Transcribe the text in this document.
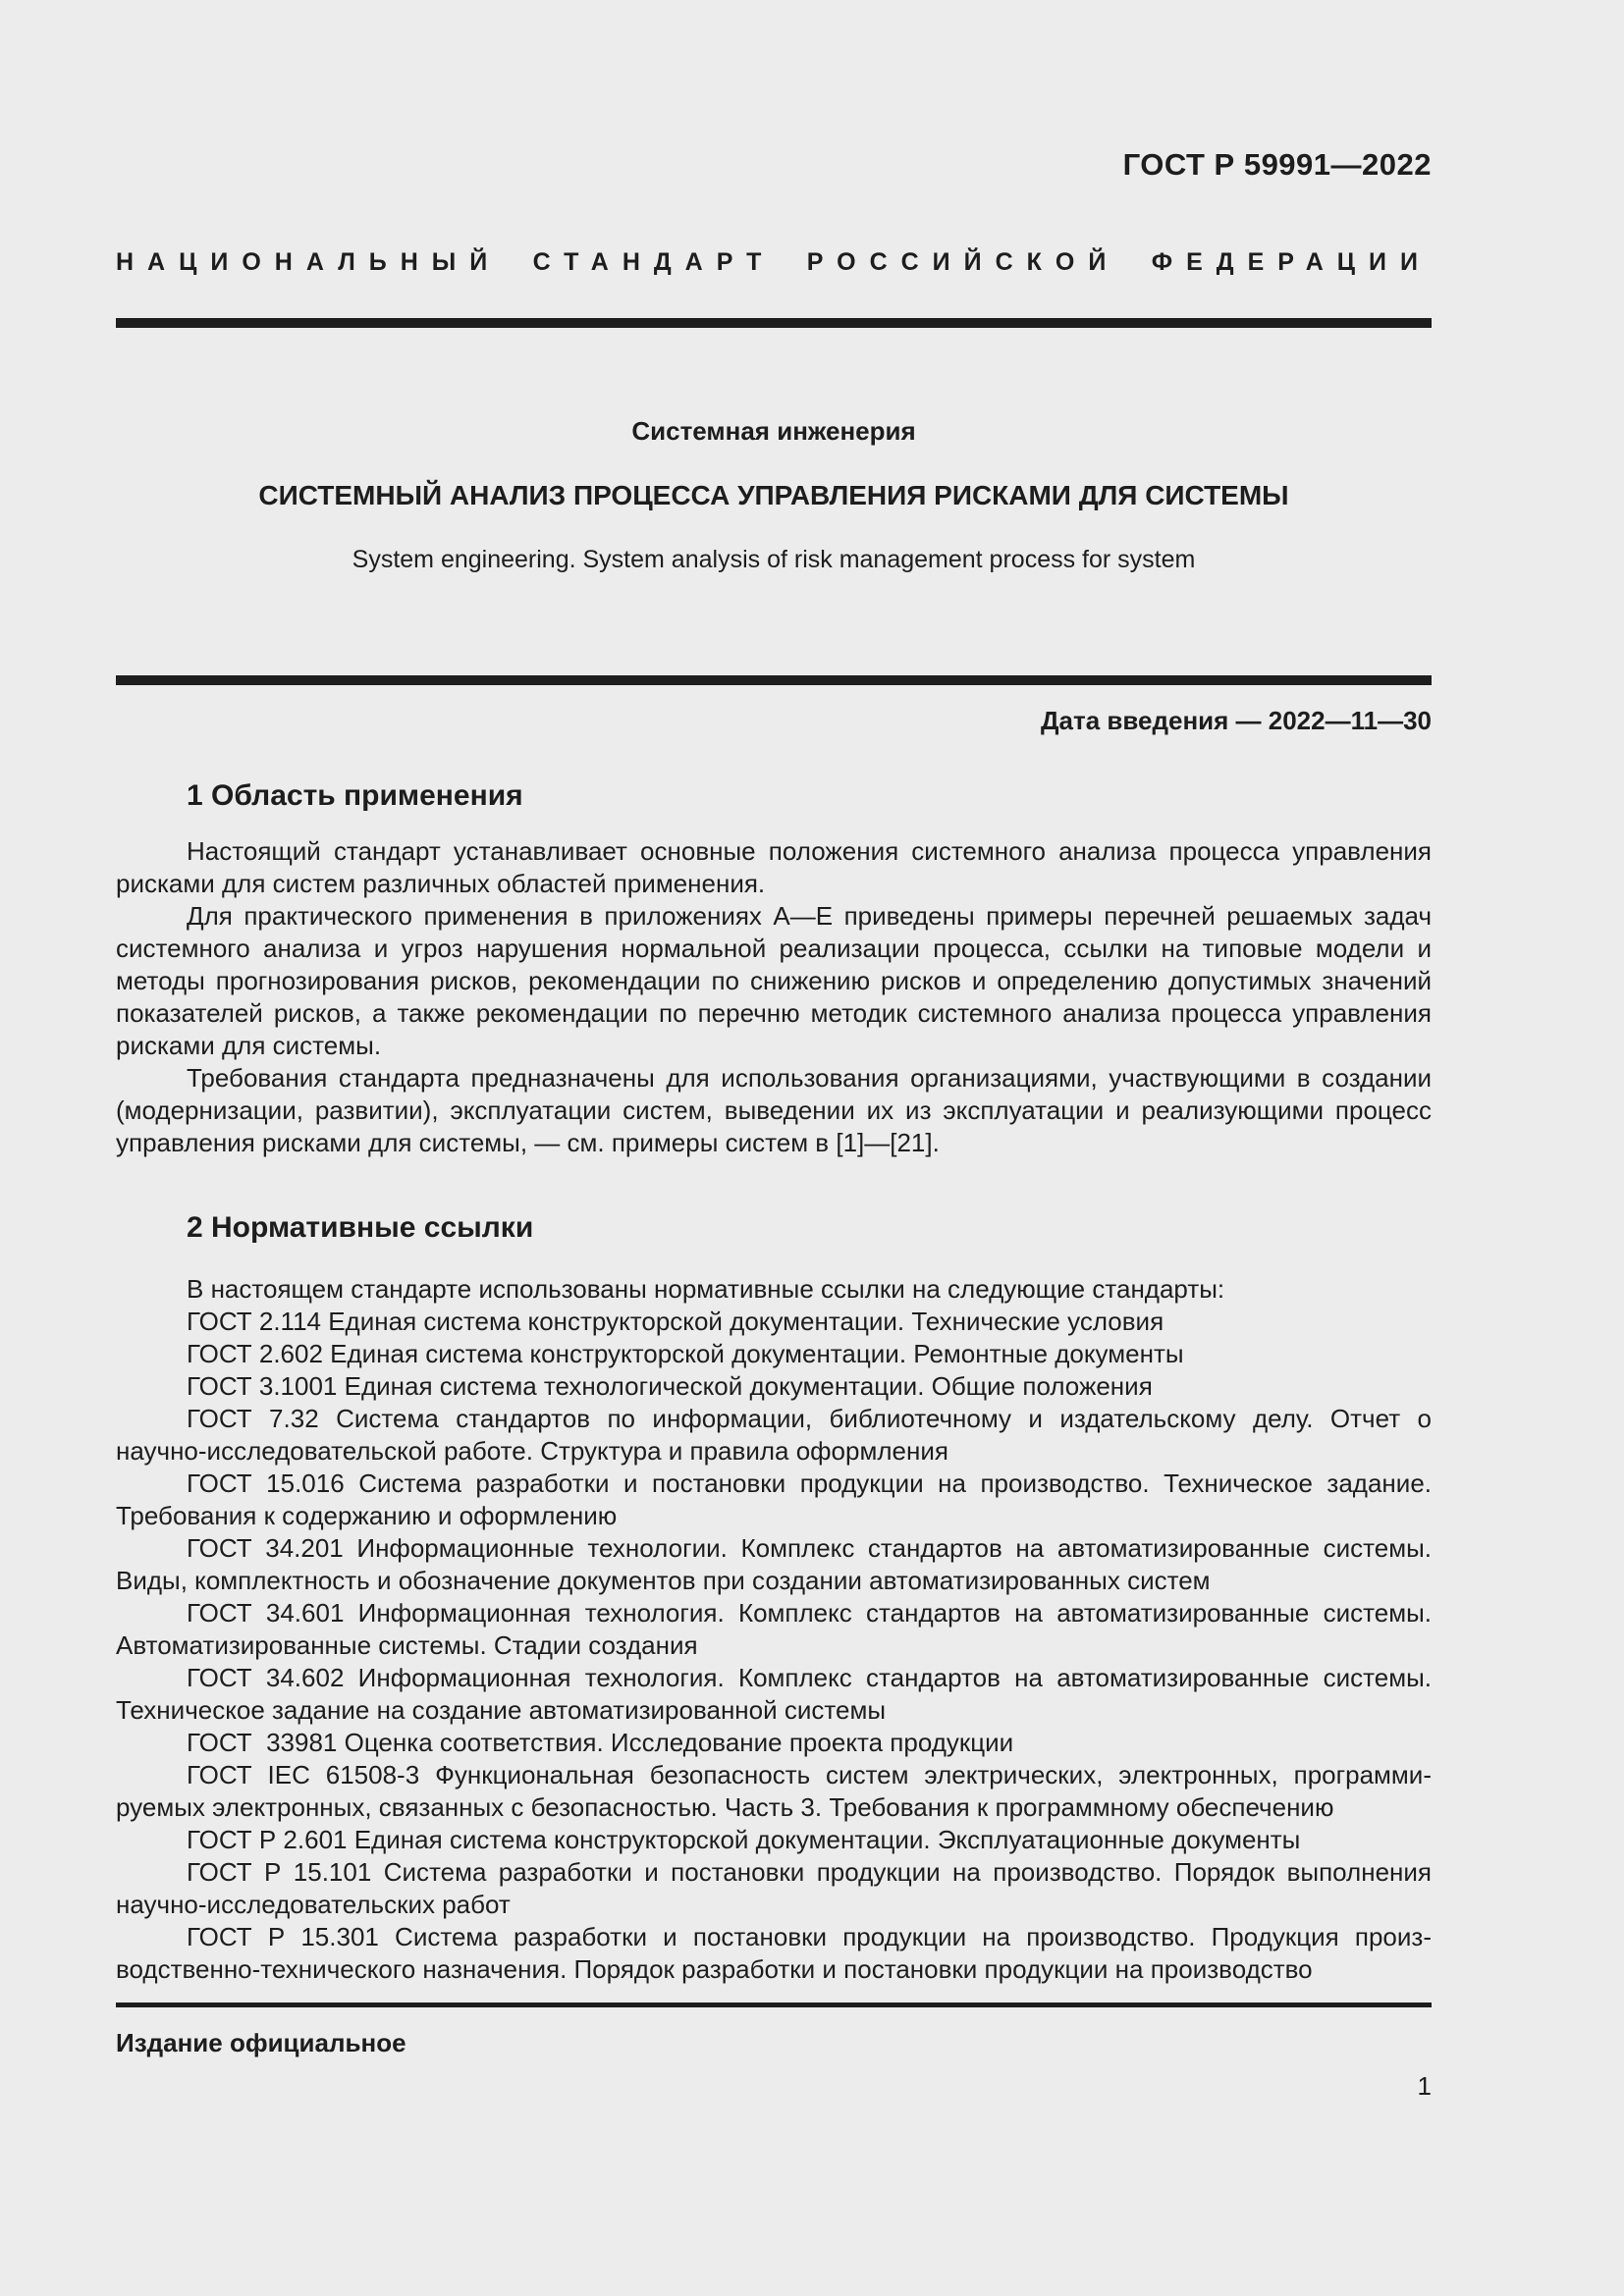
ГОСТ Р 59991—2022
НАЦИОНАЛЬНЫЙ СТАНДАРТ РОССИЙСКОЙ ФЕДЕРАЦИИ
Системная инженерия
СИСТЕМНЫЙ АНАЛИЗ ПРОЦЕССА УПРАВЛЕНИЯ РИСКАМИ ДЛЯ СИСТЕМЫ
System engineering. System analysis of risk management process for system
Дата введения — 2022—11—30
1 Область применения

Настоящий стандарт устанавливает основные положения системного анализа процесса управления рисками для систем различных областей применения.

Для практического применения в приложениях А—Е приведены примеры перечней решаемых задач системного анализа и угроз нарушения нормальной реализации процесса, ссылки на типовые модели и методы прогнозирования рисков, рекомендации по снижению рисков и определению допустимых значений показателей рисков, а также рекомендации по перечню методик системного анализа процесса управления рисками для системы.

Требования стандарта предназначены для использования организациями, участвующими в создании (модернизации, развитии), эксплуатации систем, выведении их из эксплуатации и реализующими процесс управления рисками для системы, — см. примеры систем в [1]—[21].

2 Нормативные ссылки

В настоящем стандарте использованы нормативные ссылки на следующие стандарты:

ГОСТ 2.114 Единая система конструкторской документации. Технические условия

ГОСТ 2.602 Единая система конструкторской документации. Ремонтные документы

ГОСТ 3.1001 Единая система технологической документации. Общие положения

ГОСТ 7.32 Система стандартов по информации, библиотечному и издательскому делу. Отчет о научно‑исследовательской работе. Структура и правила оформления

ГОСТ 15.016 Система разработки и постановки продукции на производство. Техническое задание. Требования к содержанию и оформлению

ГОСТ 34.201 Информационные технологии. Комплекс стандартов на автоматизированные системы. Виды, комплектность и обозначение документов при создании автоматизированных систем

ГОСТ 34.601 Информационная технология. Комплекс стандартов на автоматизированные системы. Автоматизированные системы. Стадии создания

ГОСТ 34.602 Информационная технология. Комплекс стандартов на автоматизированные системы. Техническое задание на создание автоматизированной системы

ГОСТ  33981 Оценка соответствия. Исследование проекта продукции

ГОСТ IEC 61508‑3 Функциональная безопасность систем электрических, электронных, программируемых электронных, связанных с безопасностью. Часть 3. Требования к программному обеспечению

ГОСТ Р 2.601 Единая система конструкторской документации. Эксплуатационные документы

ГОСТ Р 15.101 Система разработки и постановки продукции на производство. Порядок выполнения научно‑исследовательских работ

ГОСТ Р 15.301 Система разработки и постановки продукции на производство. Продукция производственно‑технического назначения. Порядок разработки и постановки продукции на производство

Издание официальное
1
